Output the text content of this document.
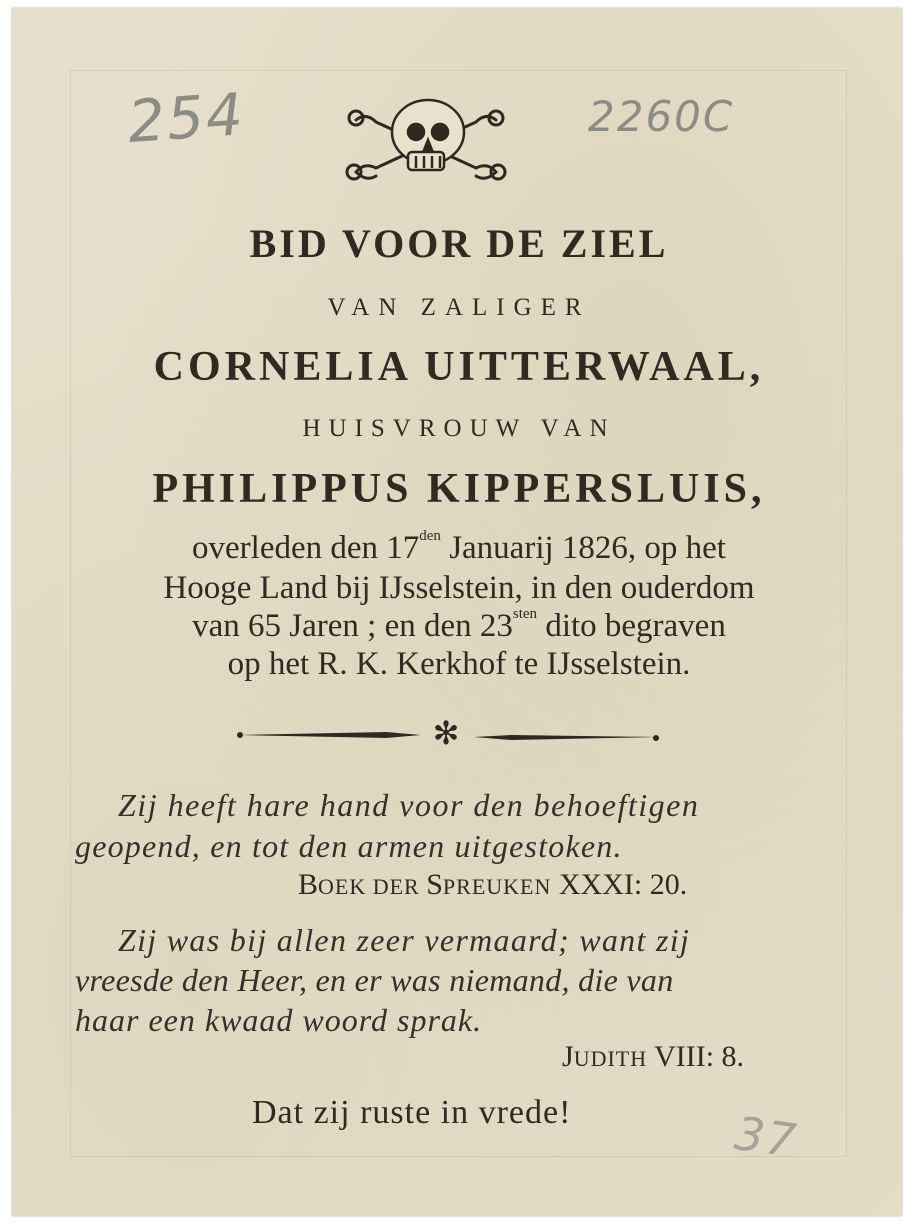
254	2260C
37
BID VOOR DE ZIEL
VAN ZALIGER
CORNELIA UITTERWAAL,
HUISVROUW VAN
PHILIPPUS KIPPERSLUIS,
overleden den $17^{den}$ Januarij 1826, op het
Hooge Land bij IJsselstein, in den ouderdom
van 65 Jaren ; en den $23^{sten}$ dito begraven
op het R. K. Kerkhof te IJsselstein.
✻
Zij heeft hare hand voor den behoeftigen
geopend, en tot den armen uitgestoken.
BOEK DER SPREUKEN XXXI: 20.
Zij was bij allen zeer vermaard; want zij
vreesde den Heer, en er was niemand, die van
haar een kwaad woord sprak.
JUDITH VIII: 8.
Dat zij ruste in vrede!
